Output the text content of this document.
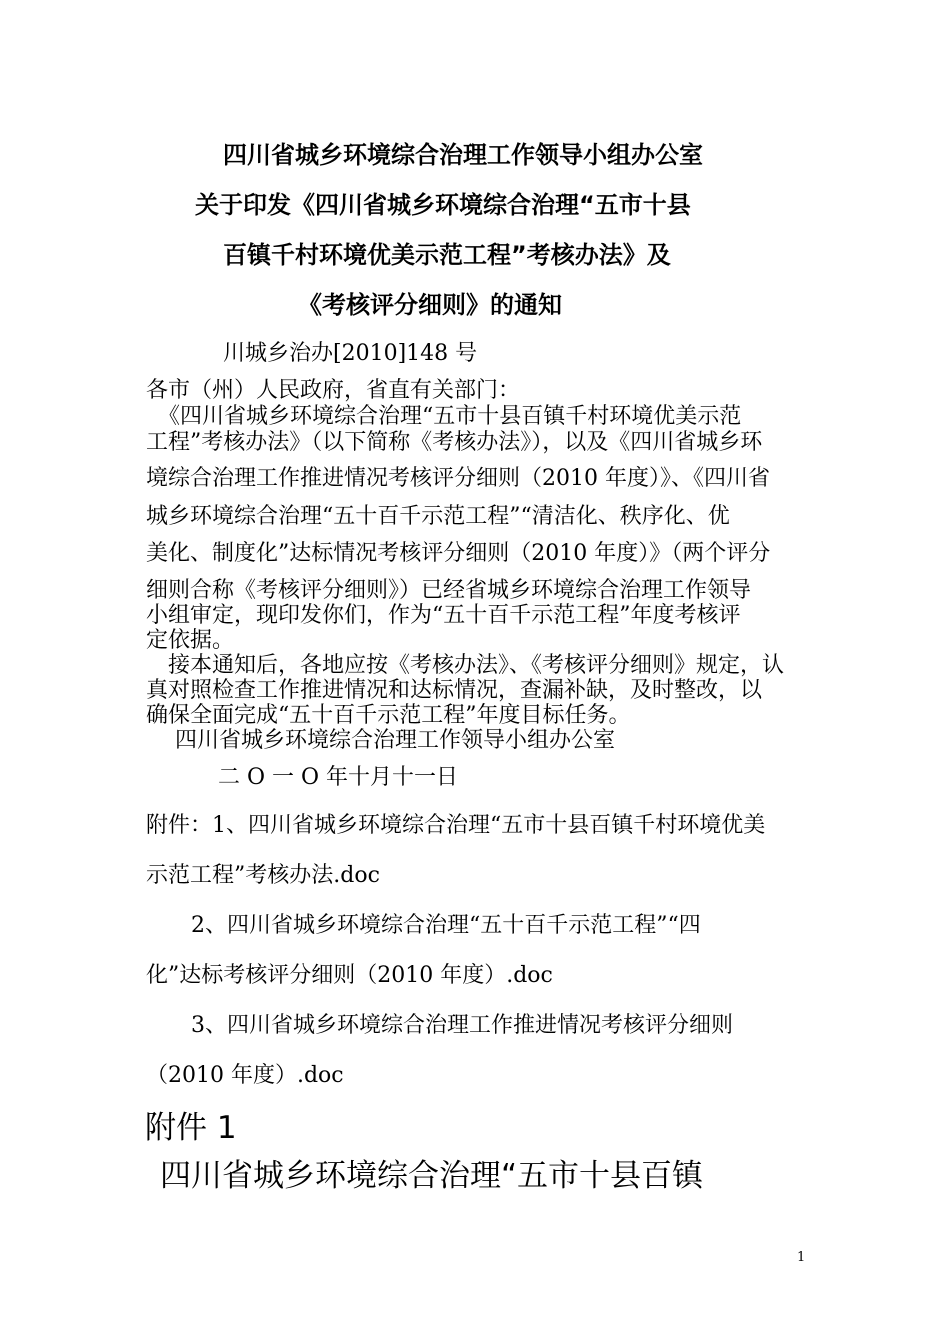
四川省城乡环境综合治理工作领导小组办公室
关于印发《四川省城乡环境综合治理“五市十县
百镇千村环境优美示范工程”考核办法》及
《考核评分细则》的通知
川城乡治办[2010]148 号
各市（州）人民政府，省直有关部门：
《四川省城乡环境综合治理“五市十县百镇千村环境优美示范
工程”考核办法》（以下简称《考核办法》），以及《四川省城乡环
境综合治理工作推进情况考核评分细则（2010 年度）》、《四川省
城乡环境综合治理“五十百千示范工程”“清洁化、秩序化、优
美化、制度化”达标情况考核评分细则（2010 年度）》（两个评分
细则合称《考核评分细则》）已经省城乡环境综合治理工作领导
小组审定，现印发你们，作为“五十百千示范工程”年度考核评
定依据。
接本通知后，各地应按《考核办法》、《考核评分细则》规定，认
真对照检查工作推进情况和达标情况，查漏补缺，及时整改，以
确保全面完成“五十百千示范工程”年度目标任务。
四川省城乡环境综合治理工作领导小组办公室
二 O 一 O 年十月十一日
附件：1、四川省城乡环境综合治理“五市十县百镇千村环境优美
示范工程”考核办法.doc
2、四川省城乡环境综合治理“五十百千示范工程”“四
化”达标考核评分细则（2010 年度）.doc
3、四川省城乡环境综合治理工作推进情况考核评分细则
（2010 年度）.doc
附件 1
四川省城乡环境综合治理“五市十县百镇
1
